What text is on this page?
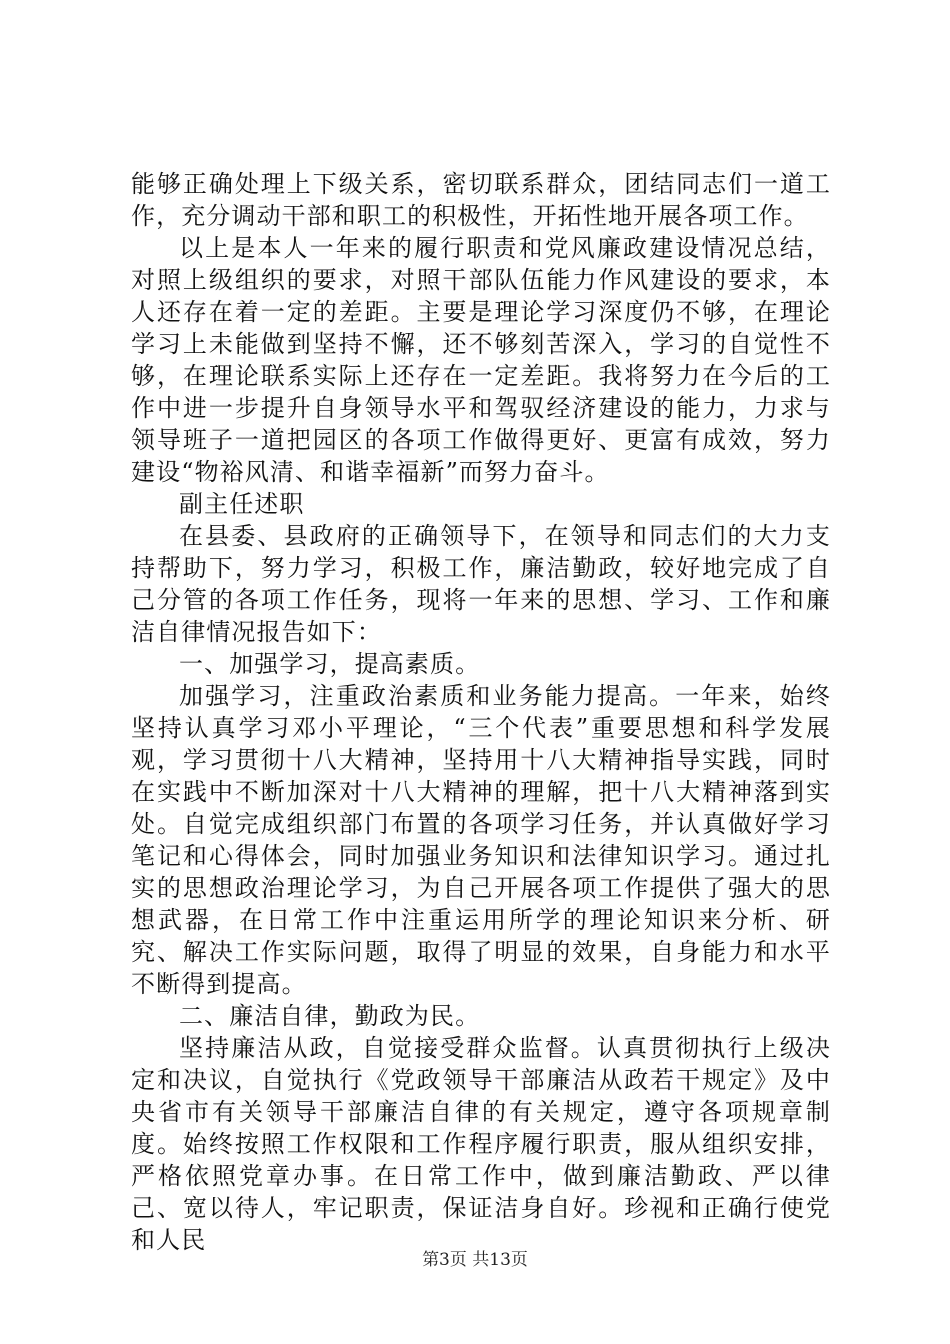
能够正确处理上下级关系，密切联系群众，团结同志们一道工作，充分调动干部和职工的积极性，开拓性地开展各项工作。

以上是本人一年来的履行职责和党风廉政建设情况总结，对照上级组织的要求，对照干部队伍能力作风建设的要求，本人还存在着一定的差距。主要是理论学习深度仍不够，在理论学习上未能做到坚持不懈，还不够刻苦深入，学习的自觉性不够，在理论联系实际上还存在一定差距。我将努力在今后的工作中进一步提升自身领导水平和驾驭经济建设的能力，力求与领导班子一道把园区的各项工作做得更好、更富有成效，努力建设“物裕风清、和谐幸福新”而努力奋斗。

副主任述职

在县委、县政府的正确领导下，在领导和同志们的大力支持帮助下，努力学习，积极工作，廉洁勤政，较好地完成了自己分管的各项工作任务，现将一年来的思想、学习、工作和廉洁自律情况报告如下：

一、加强学习，提高素质。

加强学习，注重政治素质和业务能力提高。一年来，始终坚持认真学习邓小平理论，“三个代表”重要思想和科学发展观，学习贯彻十八大精神，坚持用十八大精神指导实践，同时在实践中不断加深对十八大精神的理解，把十八大精神落到实处。自觉完成组织部门布置的各项学习任务，并认真做好学习笔记和心得体会，同时加强业务知识和法律知识学习。通过扎实的思想政治理论学习，为自己开展各项工作提供了强大的思想武器，在日常工作中注重运用所学的理论知识来分析、研究、解决工作实际问题，取得了明显的效果，自身能力和水平不断得到提高。

二、廉洁自律，勤政为民。

坚持廉洁从政，自觉接受群众监督。认真贯彻执行上级决定和决议，自觉执行《党政领导干部廉洁从政若干规定》及中央省市有关领导干部廉洁自律的有关规定，遵守各项规章制度。始终按照工作权限和工作程序履行职责，服从组织安排，严格依照党章办事。在日常工作中，做到廉洁勤政、严以律己、宽以待人，牢记职责，保证洁身自好。珍视和正确行使党和人民

第3页 共13页
